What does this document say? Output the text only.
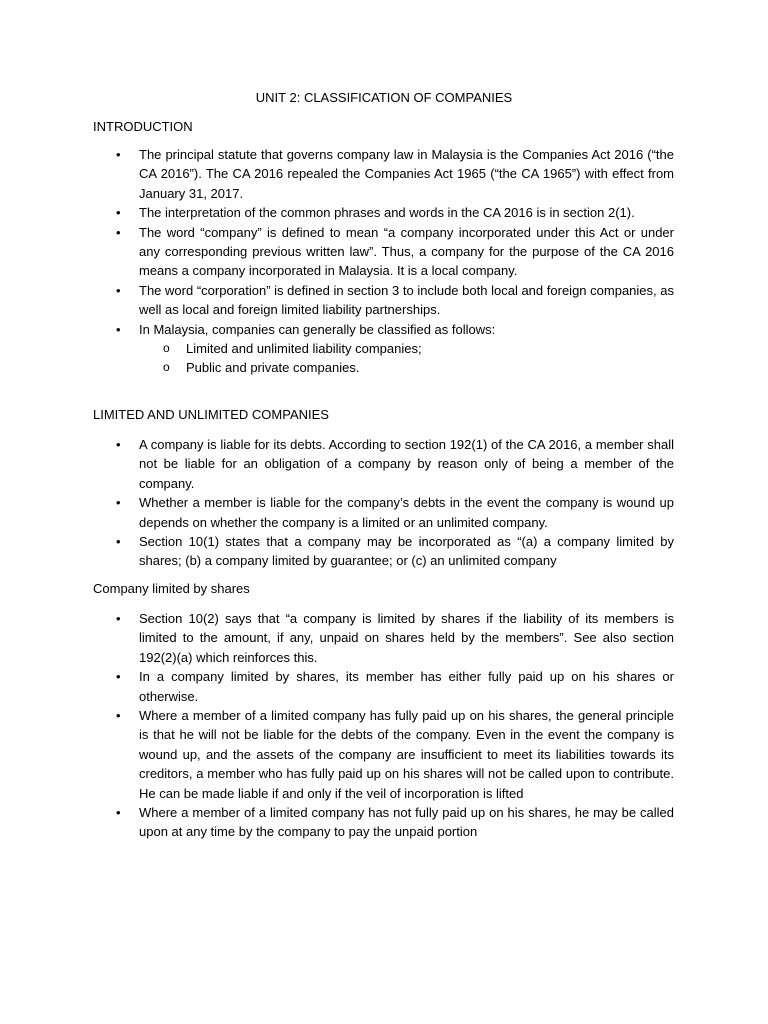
UNIT 2: CLASSIFICATION OF COMPANIES
INTRODUCTION
• The principal statute that governs company law in Malaysia is the Companies Act 2016 (“the CA 2016”). The CA 2016 repealed the Companies Act 1965 (“the CA 1965”) with effect from January 31, 2017.
• The interpretation of the common phrases and words in the CA 2016 is in section 2(1).
• The word “company” is defined to mean “a company incorporated under this Act or under any corresponding previous written law”. Thus, a company for the purpose of the CA 2016 means a company incorporated in Malaysia. It is a local company.
• The word “corporation” is defined in section 3 to include both local and foreign companies, as well as local and foreign limited liability partnerships.
• In Malaysia, companies can generally be classified as follows:
o Limited and unlimited liability companies;
o Public and private companies.
LIMITED AND UNLIMITED COMPANIES
• A company is liable for its debts. According to section 192(1) of the CA 2016, a member shall not be liable for an obligation of a company by reason only of being a member of the company.
• Whether a member is liable for the company’s debts in the event the company is wound up depends on whether the company is a limited or an unlimited company.
• Section 10(1) states that a company may be incorporated as “(a) a company limited by shares; (b) a company limited by guarantee; or (c) an unlimited company
Company limited by shares
• Section 10(2) says that “a company is limited by shares if the liability of its members is limited to the amount, if any, unpaid on shares held by the members”. See also section 192(2)(a) which reinforces this.
• In a company limited by shares, its member has either fully paid up on his shares or otherwise.
• Where a member of a limited company has fully paid up on his shares, the general principle is that he will not be liable for the debts of the company. Even in the event the company is wound up, and the assets of the company are insufficient to meet its liabilities towards its creditors, a member who has fully paid up on his shares will not be called upon to contribute. He can be made liable if and only if the veil of incorporation is lifted
• Where a member of a limited company has not fully paid up on his shares, he may be called upon at any time by the company to pay the unpaid portion
